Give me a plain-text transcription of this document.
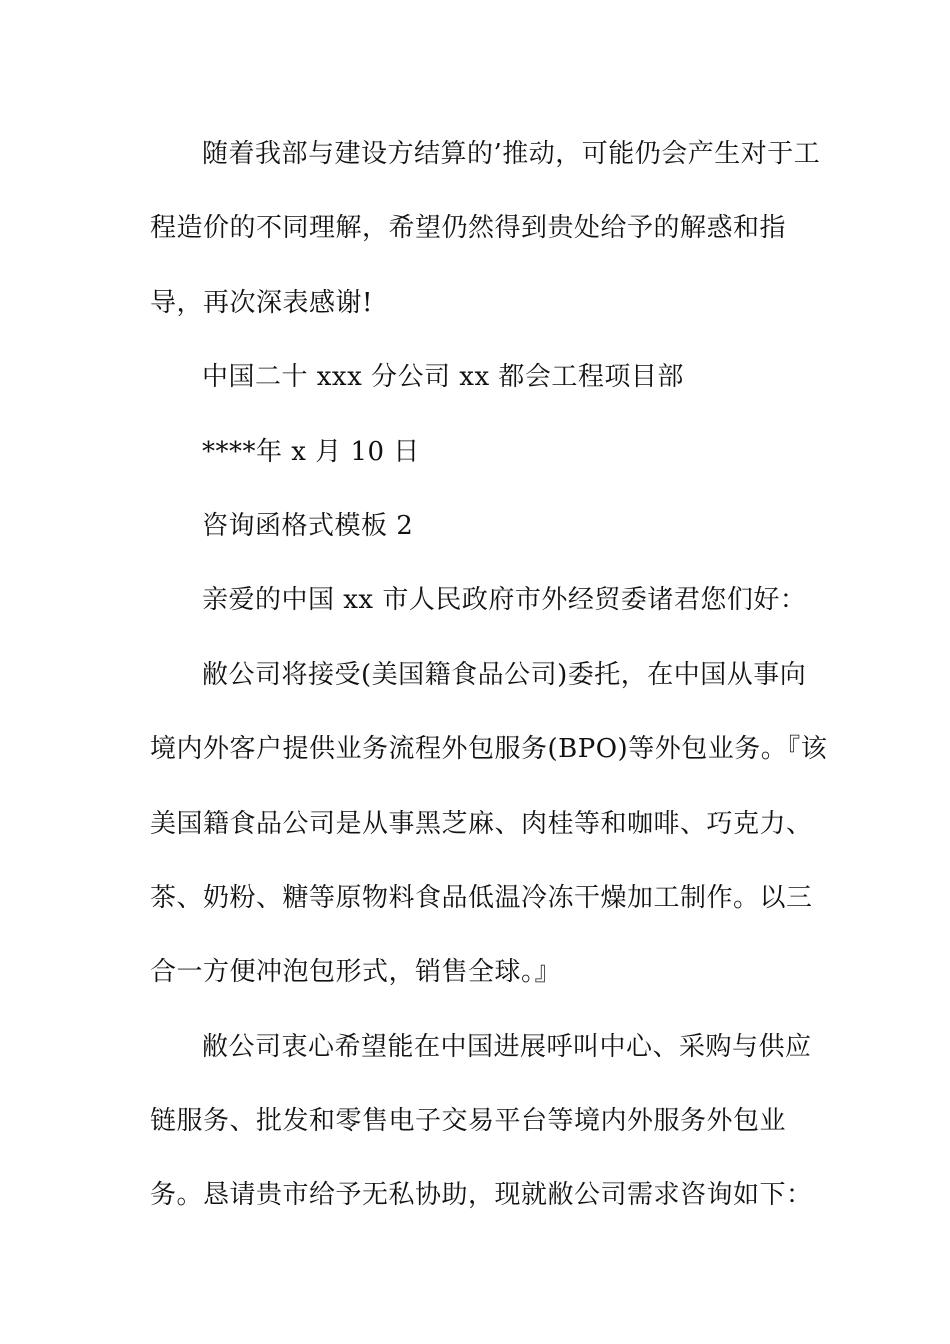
随着我部与建设方结算的’推动，可能仍会产生对于工
程造价的不同理解，希望仍然得到贵处给予的解惑和指
导，再次深表感谢!
中国二十 xxx 分公司 xx 都会工程项目部
****年 x 月 10 日
咨询函格式模板 2
亲爱的中国 xx 市人民政府市外经贸委诸君您们好：
敝公司将接受(美国籍食品公司)委托，在中国从事向
境内外客户提供业务流程外包服务(BPO)等外包业务。『该
美国籍食品公司是从事黑芝麻、肉桂等和咖啡、巧克力、
茶、奶粉、糖等原物料食品低温冷冻干燥加工制作。以三
合一方便冲泡包形式，销售全球。』
敝公司衷心希望能在中国进展呼叫中心、采购与供应
链服务、批发和零售电子交易平台等境内外服务外包业
务。恳请贵市给予无私协助，现就敝公司需求咨询如下：
